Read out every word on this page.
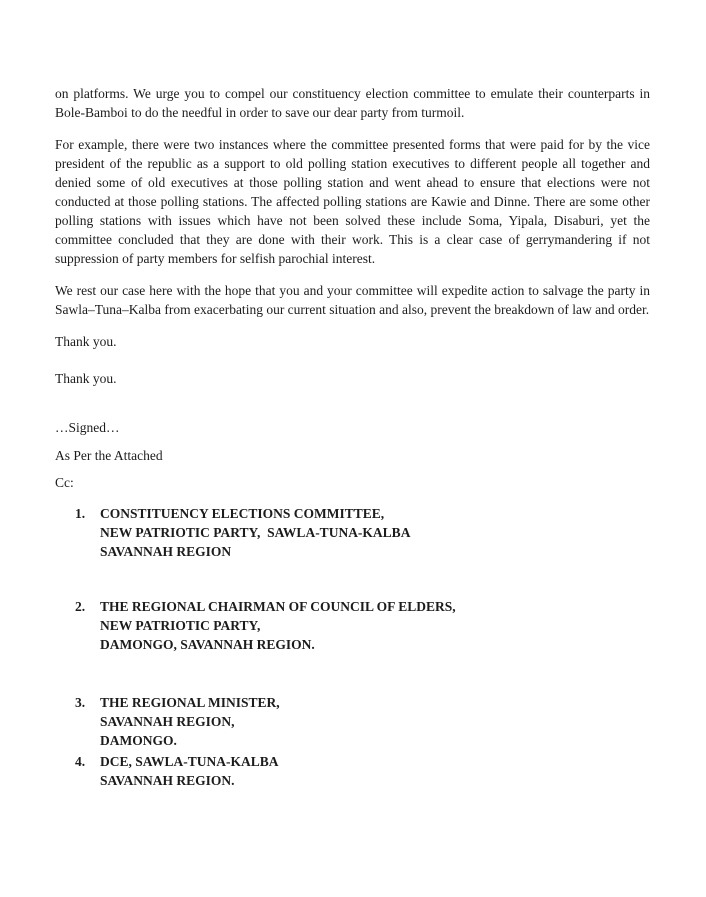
on platforms. We urge you to compel our constituency election committee to emulate their counterparts in Bole-Bamboi to do the needful in order to save our dear party from turmoil.

For example, there were two instances where the committee presented forms that were paid for by the vice president of the republic as a support to old polling station executives to different people all together and denied some of old executives at those polling station and went ahead to ensure that elections were not conducted at those polling stations. The affected polling stations are Kawie and Dinne. There are some other polling stations with issues which have not been solved these include Soma, Yipala, Disaburi, yet the committee concluded that they are done with their work. This is a clear case of gerrymandering if not suppression of party members for selfish parochial interest.

We rest our case here with the hope that you and your committee will expedite action to salvage the party in Sawla–Tuna–Kalba from exacerbating our current situation and also, prevent the breakdown of law and order.

Thank you.

Thank you.

…Signed…

As Per the Attached

Cc:

1.	CONSTITUENCY ELECTIONS COMMITTEE,
NEW PATRIOTIC PARTY,  SAWLA-TUNA-KALBA
SAVANNAH REGION
2.	THE REGIONAL CHAIRMAN OF COUNCIL OF ELDERS,
NEW PATRIOTIC PARTY,
DAMONGO, SAVANNAH REGION.
3.	THE REGIONAL MINISTER,
SAVANNAH REGION,
DAMONGO.
4.	DCE, SAWLA-TUNA-KALBA
SAVANNAH REGION.
